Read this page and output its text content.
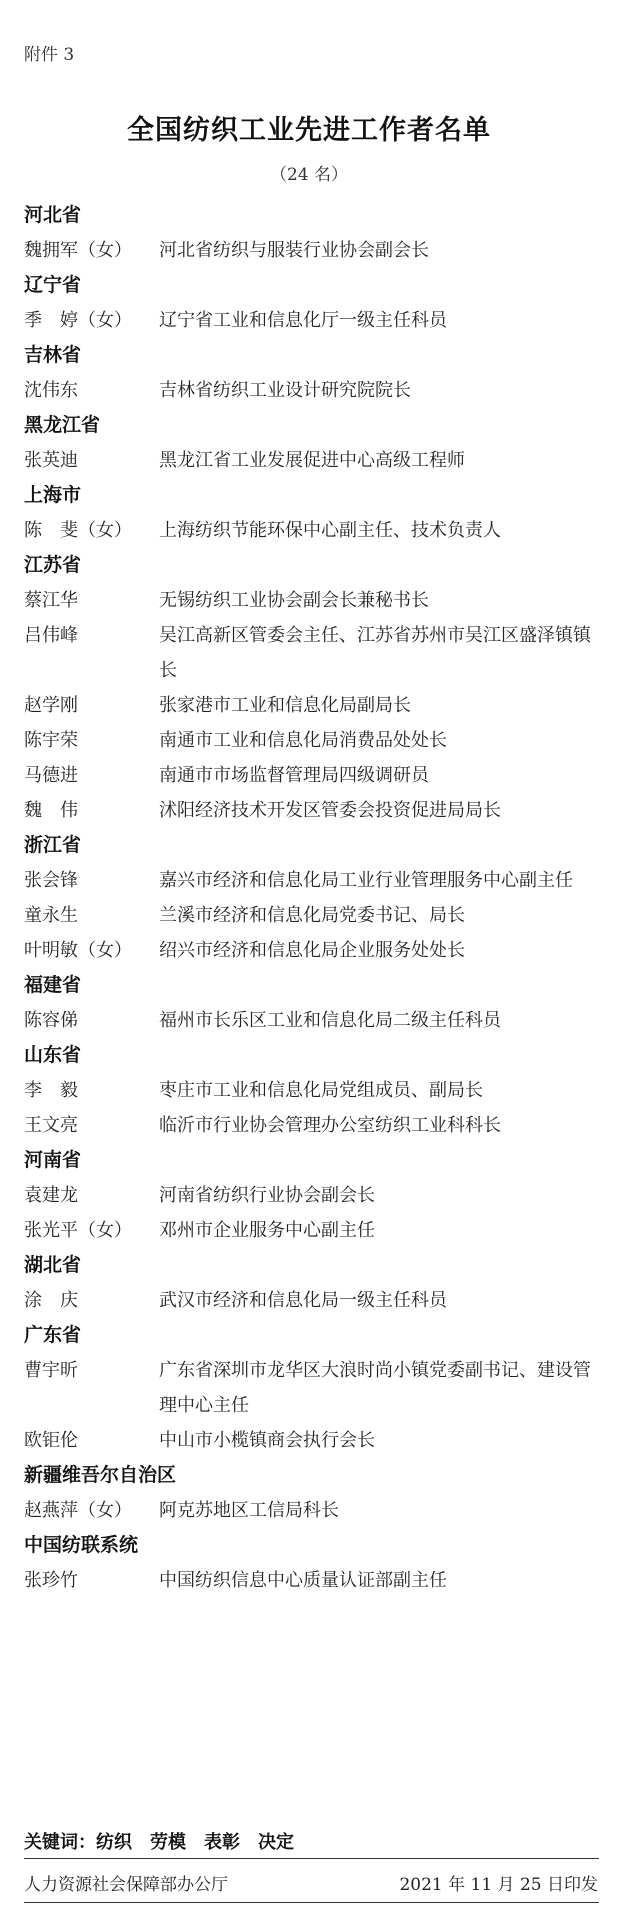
附件 3
全国纺织工业先进工作者名单
（24 名）
河北省
魏拥军（女）	河北省纺织与服装行业协会副会长
辽宁省
季　婷（女）	辽宁省工业和信息化厅一级主任科员
吉林省
沈伟东	吉林省纺织工业设计研究院院长
黑龙江省
张英迪	黑龙江省工业发展促进中心高级工程师
上海市
陈　斐（女）	上海纺织节能环保中心副主任、技术负责人
江苏省
蔡江华	无锡纺织工业协会副会长兼秘书长
吕伟峰	吴江高新区管委会主任、江苏省苏州市吴江区盛泽镇镇长
赵学刚	张家港市工业和信息化局副局长
陈宇荣	南通市工业和信息化局消费品处处长
马德进	南通市市场监督管理局四级调研员
魏　伟	沭阳经济技术开发区管委会投资促进局局长
浙江省
张会锋	嘉兴市经济和信息化局工业行业管理服务中心副主任
童永生	兰溪市经济和信息化局党委书记、局长
叶明敏（女）	绍兴市经济和信息化局企业服务处处长
福建省
陈容俤	福州市长乐区工业和信息化局二级主任科员
山东省
李　毅	枣庄市工业和信息化局党组成员、副局长
王文亮	临沂市行业协会管理办公室纺织工业科科长
河南省
袁建龙	河南省纺织行业协会副会长
张光平（女）	邓州市企业服务中心副主任
湖北省
涂　庆	武汉市经济和信息化局一级主任科员
广东省
曹宇昕	广东省深圳市龙华区大浪时尚小镇党委副书记、建设管理中心主任
欧钜伦	中山市小榄镇商会执行会长
新疆维吾尔自治区
赵燕萍（女）	阿克苏地区工信局科长
中国纺联系统
张珍竹	中国纺织信息中心质量认证部副主任
关键词：纺织　劳模　表彰　决定
人力资源社会保障部办公厅	2021 年 11 月 25 日印发
